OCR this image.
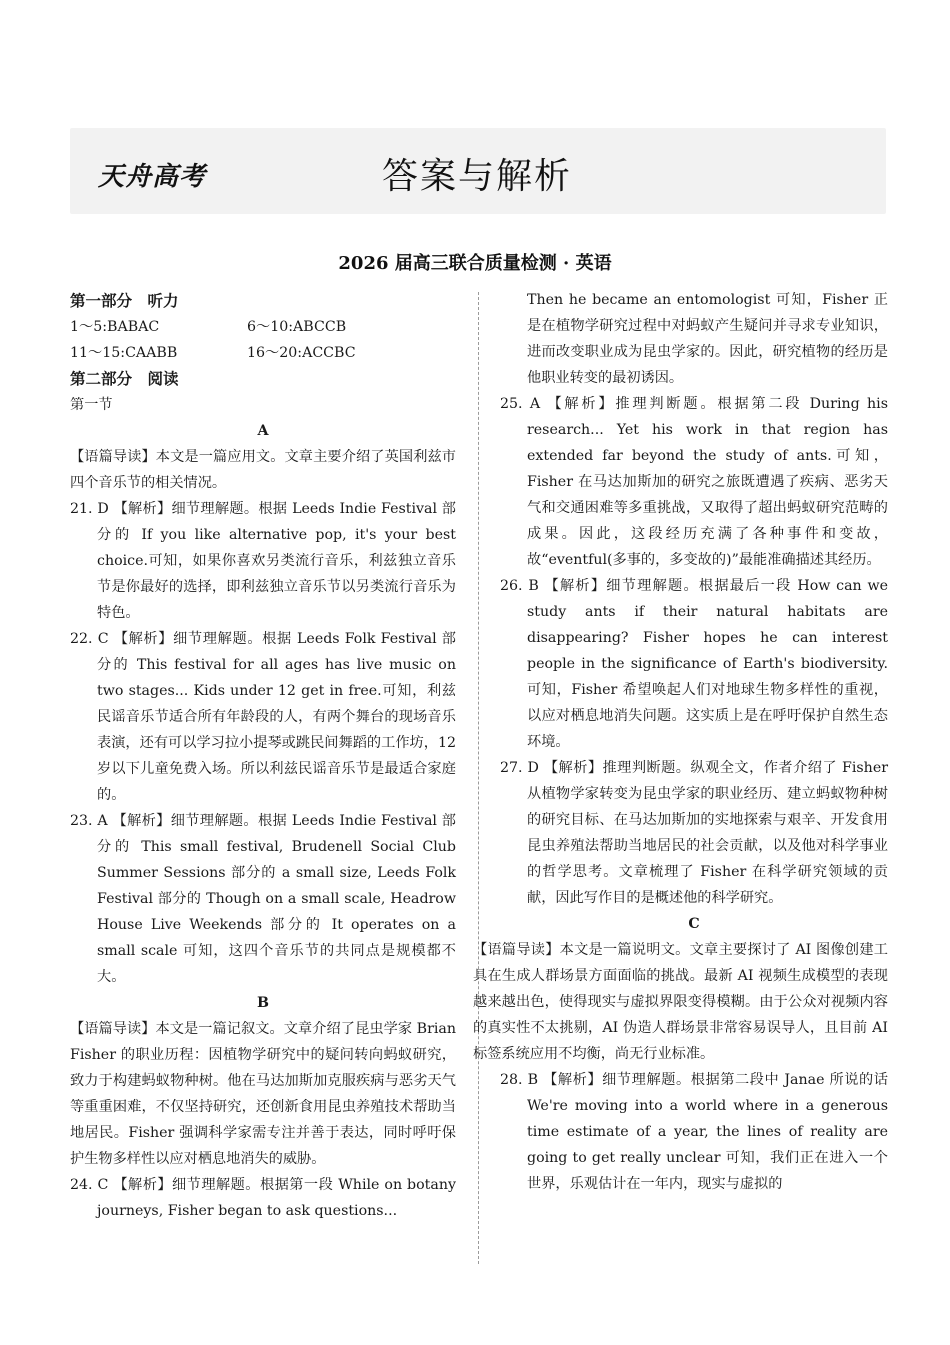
天舟高考	答案与解析
2026 届高三联合质量检测 · 英语
第一部分　听力
1～5:BABAC	6～10:ABCCB
11～15:CAABB	16～20:ACCBC
第二部分　阅读
第一节
A
【语篇导读】本文是一篇应用文。文章主要介绍了英国利兹市四个音乐节的相关情况。
21. D 【解析】细节理解题。根据 Leeds Indie Festival 部分的 If you like alternative pop, it's your best choice.可知，如果你喜欢另类流行音乐，利兹独立音乐节是你最好的选择，即利兹独立音乐节以另类流行音乐为特色。
22. C 【解析】细节理解题。根据 Leeds Folk Festival 部分的 This festival for all ages has live music on two stages... Kids under 12 get in free.可知，利兹民谣音乐节适合所有年龄段的人，有两个舞台的现场音乐表演，还有可以学习拉小提琴或跳民间舞蹈的工作坊，12 岁以下儿童免费入场。所以利兹民谣音乐节是最适合家庭的。
23. A 【解析】细节理解题。根据 Leeds Indie Festival 部分的 This small festival, Brudenell Social Club Summer Sessions 部分的 a small size, Leeds Folk Festival 部分的 Though on a small scale, Headrow House Live Weekends 部分的 It operates on a small scale 可知，这四个音乐节的共同点是规模都不大。
B
【语篇导读】本文是一篇记叙文。文章介绍了昆虫学家 Brian Fisher 的职业历程：因植物学研究中的疑问转向蚂蚁研究，致力于构建蚂蚁物种树。他在马达加斯加克服疾病与恶劣天气等重重困难，不仅坚持研究，还创新食用昆虫养殖技术帮助当地居民。Fisher 强调科学家需专注并善于表达，同时呼吁保护生物多样性以应对栖息地消失的威胁。
24. C 【解析】细节理解题。根据第一段 While on botany journeys, Fisher began to ask questions...
Then he became an entomologist 可知，Fisher 正是在植物学研究过程中对蚂蚁产生疑问并寻求专业知识，进而改变职业成为昆虫学家的。因此，研究植物的经历是他职业转变的最初诱因。
25. A 【解析】推理判断题。根据第二段 During his research... Yet his work in that region has extended far beyond the study of ants.可知，Fisher 在马达加斯加的研究之旅既遭遇了疾病、恶劣天气和交通困难等多重挑战，又取得了超出蚂蚁研究范畴的成果。因此，这段经历充满了各种事件和变故，故“eventful(多事的，多变故的)”最能准确描述其经历。
26. B 【解析】细节理解题。根据最后一段 How can we study ants if their natural habitats are disappearing? Fisher hopes he can interest people in the significance of Earth's biodiversity.可知，Fisher 希望唤起人们对地球生物多样性的重视，以应对栖息地消失问题。这实质上是在呼吁保护自然生态环境。
27. D 【解析】推理判断题。纵观全文，作者介绍了 Fisher 从植物学家转变为昆虫学家的职业经历、建立蚂蚁物种树的研究目标、在马达加斯加的实地探索与艰辛、开发食用昆虫养殖法帮助当地居民的社会贡献，以及他对科学事业的哲学思考。文章梳理了 Fisher 在科学研究领域的贡献，因此写作目的是概述他的科学研究。
C
【语篇导读】本文是一篇说明文。文章主要探讨了 AI 图像创建工具在生成人群场景方面面临的挑战。最新 AI 视频生成模型的表现越来越出色，使得现实与虚拟界限变得模糊。由于公众对视频内容的真实性不太挑剔，AI 伪造人群场景非常容易误导人，且目前 AI 标签系统应用不均衡，尚无行业标准。
28. B 【解析】细节理解题。根据第二段中 Janae 所说的话 We're moving into a world where in a generous time estimate of a year, the lines of reality are going to get really unclear 可知，我们正在进入一个世界，乐观估计在一年内，现实与虚拟的
